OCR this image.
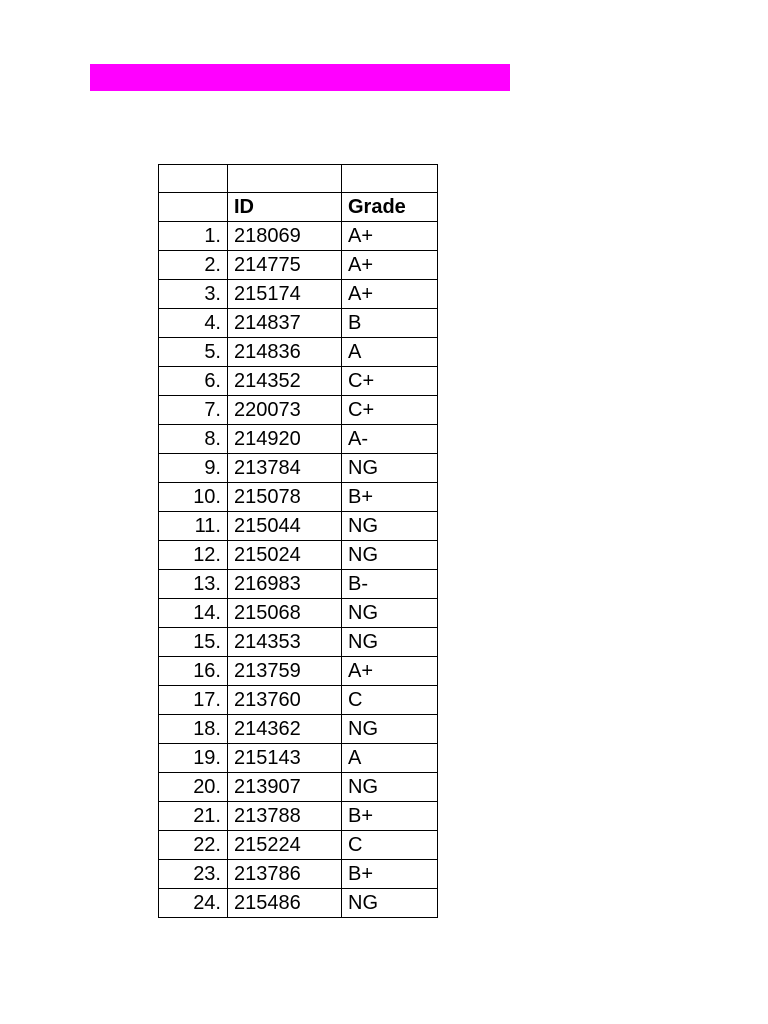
	ID	Grade
1.	218069	A+
2.	214775	A+
3.	215174	A+
4.	214837	B
5.	214836	A
6.	214352	C+
7.	220073	C+
8.	214920	A-
9.	213784	NG
10.	215078	B+
11.	215044	NG
12.	215024	NG
13.	216983	B-
14.	215068	NG
15.	214353	NG
16.	213759	A+
17.	213760	C
18.	214362	NG
19.	215143	A
20.	213907	NG
21.	213788	B+
22.	215224	C
23.	213786	B+
24.	215486	NG
